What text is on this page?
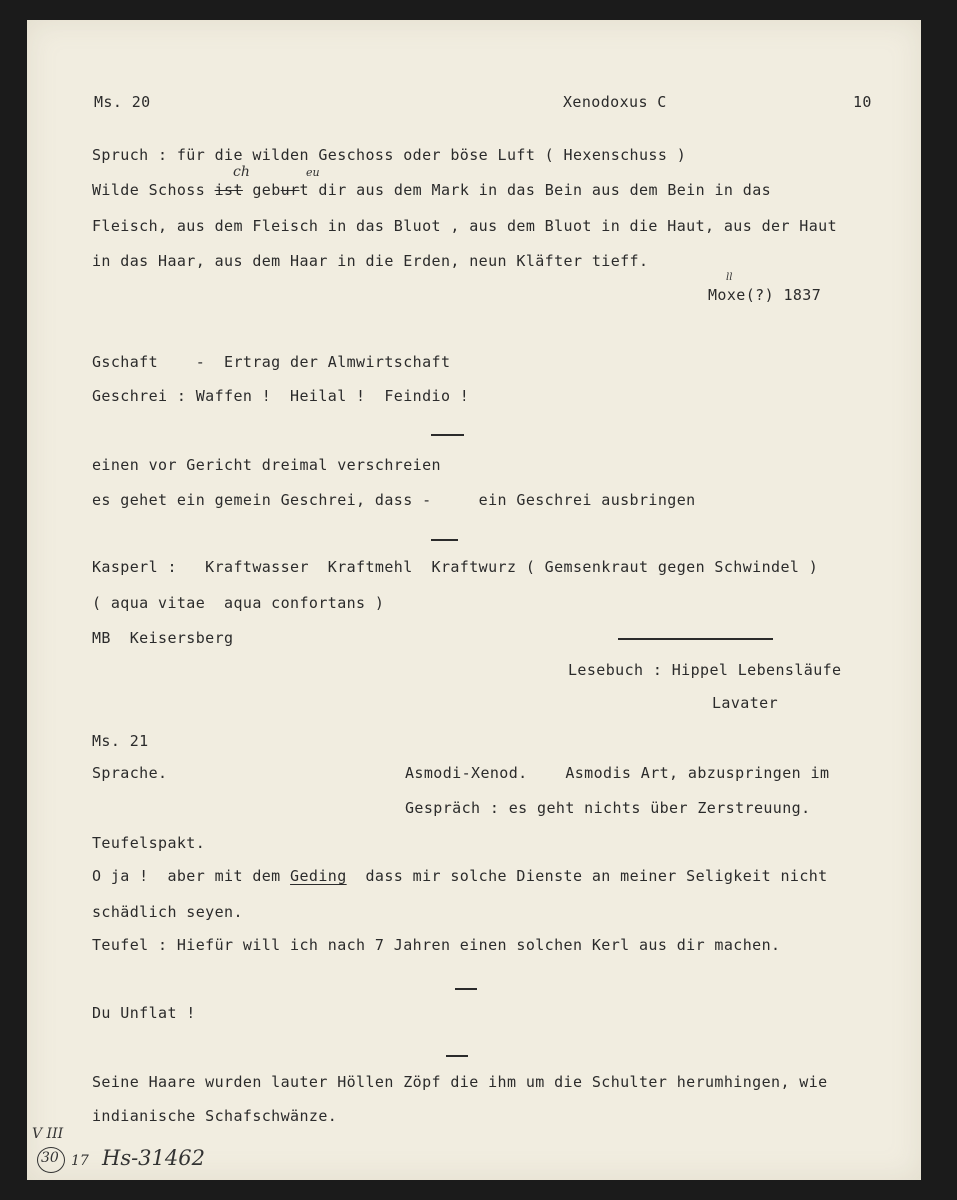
Ms. 20	Xenodoxus C	10
Spruch : für die wilden Geschoss oder böse Luft ( Hexenschuss )
Wilde Schoss ist geburt dir aus dem Mark in das Bein aus dem Bein in das
ch	eu
Fleisch, aus dem Fleisch in das Bluot , aus dem Bluot in die Haut, aus der Haut
in das Haar, aus dem Haar in die Erden, neun Kläfter tieff.
Moxe(?) 1837
ll
Gschaft    -  Ertrag der Almwirtschaft
Geschrei : Waffen !  Heilal !  Feindio !
einen vor Gericht dreimal verschreien
es gehet ein gemein Geschrei, dass -     ein Geschrei ausbringen
Kasperl :   Kraftwasser  Kraftmehl  Kraftwurz ( Gemsenkraut gegen Schwindel )
( aqua vitae  aqua confortans )
MB  Keisersberg
Lesebuch : Hippel Lebensläufe
Lavater
Ms. 21
Sprache.	Asmodi-Xenod.    Asmodis Art, abzuspringen im
Gespräch : es geht nichts über Zerstreuung.
Teufelspakt.
O ja !  aber mit dem Geding  dass mir solche Dienste an meiner Seligkeit nicht
schädlich seyen.
Teufel : Hiefür will ich nach 7 Jahren einen solchen Kerl aus dir machen.
Du Unflat !
Seine Haare wurden lauter Höllen Zöpf die ihm um die Schulter herumhingen, wie
indianische Schafschwänze.
V III
30 17 Hs-31462
